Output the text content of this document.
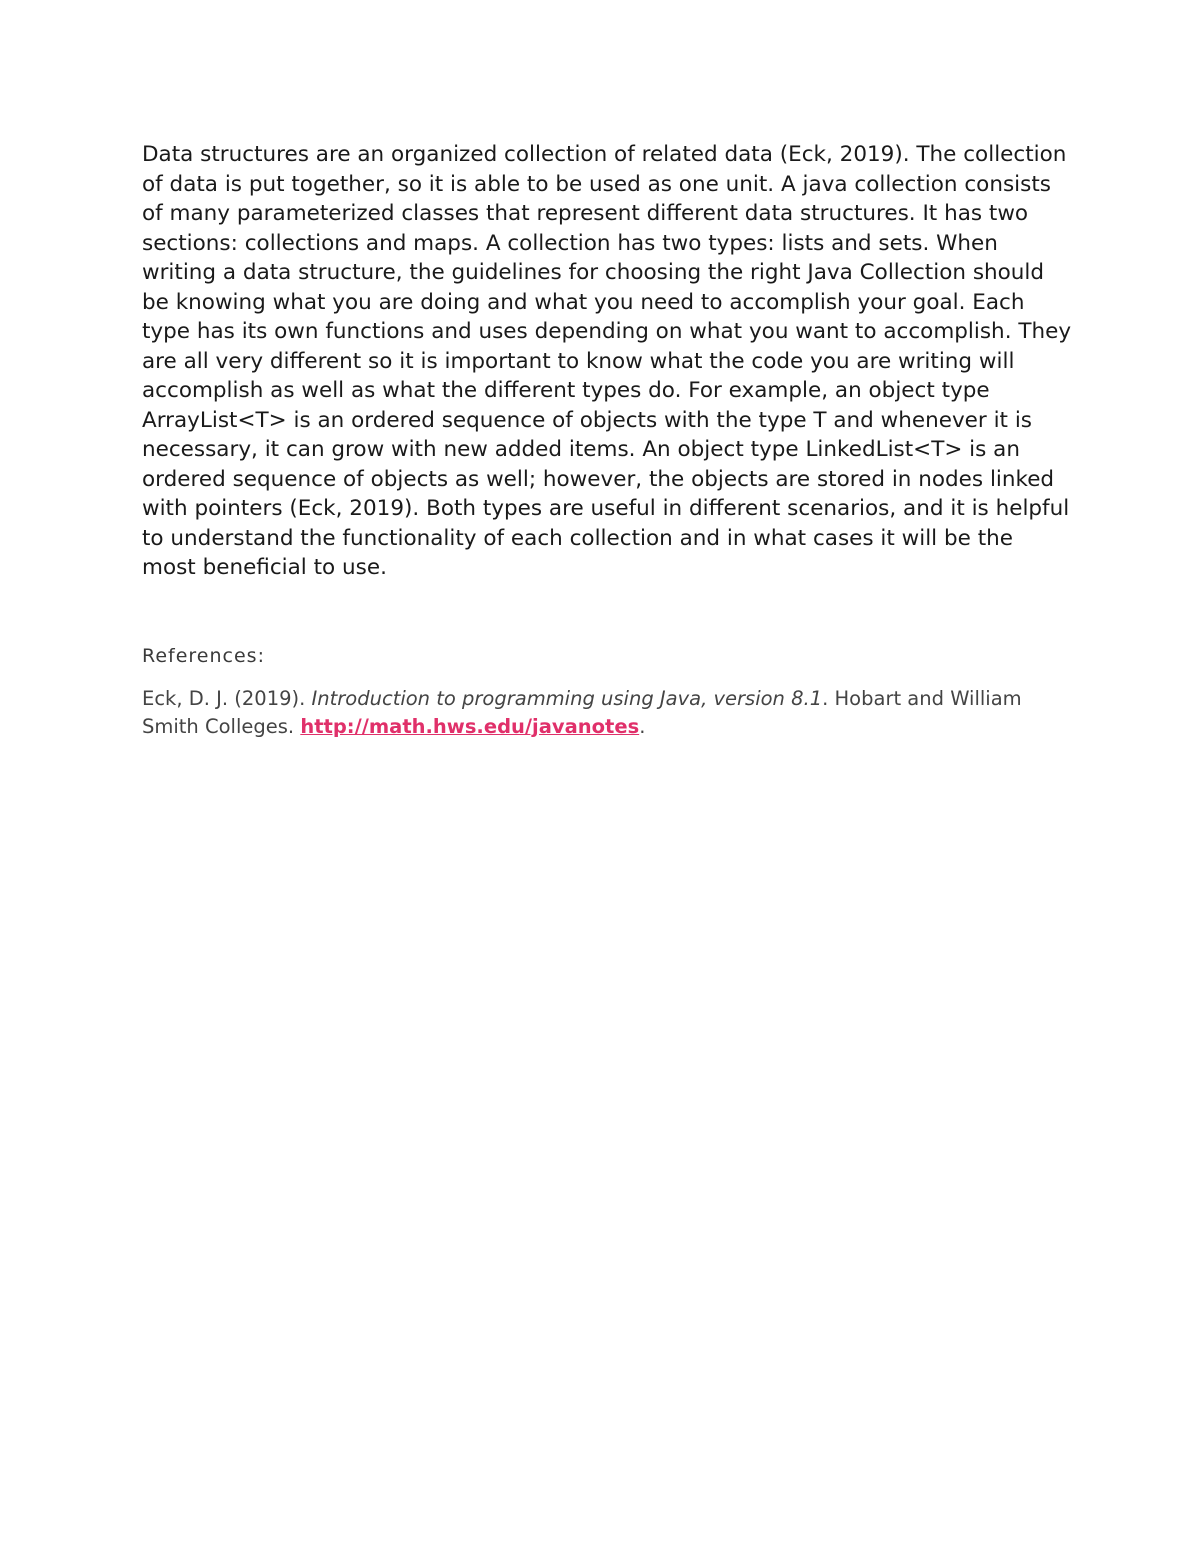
Data structures are an organized collection of related data (Eck, 2019). The collection of data is put together, so it is able to be used as one unit. A java collection consists of many parameterized classes that represent different data structures. It has two sections: collections and maps. A collection has two types: lists and sets. When writing a data structure, the guidelines for choosing the right Java Collection should be knowing what you are doing and what you need to accomplish your goal. Each type has its own functions and uses depending on what you want to accomplish. They are all very different so it is important to know what the code you are writing will accomplish as well as what the different types do. For example, an object type ArrayList<T> is an ordered sequence of objects with the type T and whenever it is necessary, it can grow with new added items. An object type LinkedList<T> is an ordered sequence of objects as well; however, the objects are stored in nodes linked with pointers (Eck, 2019). Both types are useful in different scenarios, and it is helpful to understand the functionality of each collection and in what cases it will be the most beneficial to use.

References:

Eck, D. J. (2019). Introduction to programming using Java, version 8.1. Hobart and William Smith Colleges. http://math.hws.edu/javanotes.
